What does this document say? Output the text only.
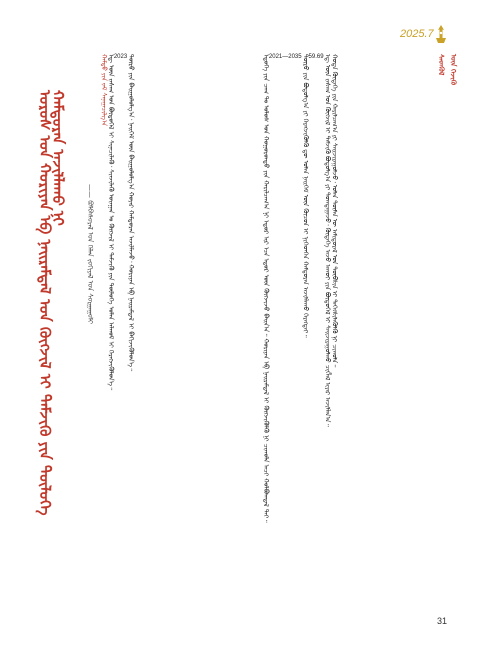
2025.7
ᠰᠡᠳᠬᠦᠯ ᠦᠨ ᠭᠡᠵᠢᠬᠦ
ᠡᠳᠦᠭᠡ ᠶᠢᠨ ᠴᠠᠭ ᠲᠤ ᠤᠯᠤᠰ ᠤᠨ ᠬᠣᠭᠣᠷᠤᠨᠳᠤ ᠶᠢᠨ ᠬᠠᠷᠢᠯᠴᠠᠭ᠎ᠠ ᠨᠢ ᠡᠳᠦᠷ ᠢᠷ ᠡᠴᠡ ᠡᠳᠦᠷ ᠦᠨ ᠬᠥᠭᠵᠢᠵᠦ ᠪᠠᠢᠨ᠎ᠠ᠃ ᠬᠣᠷᠢᠶᠠᠨ ᠡᠪ ᠨᠠᠢᠷᠠᠮᠳᠠᠯ ᠢ ᠬᠥᠭᠵᠢᠭᠦᠯᠬᠦ ᠨᠢ ᠴᠢᠬᠤᠯᠠ ᠠᠴᠢ ᠬᠣᠯᠪᠣᠭᠳᠠᠯ ᠲᠠᠢ᠃ 2021—2035 ᠲᠥᠷᠦ ᠶᠢᠨ ᠪᠣᠳᠣᠯᠭ᠎ᠠ ᠶᠢ ᠬᠡᠷᠡᠭᠵᠢᠭᠦᠯᠬᠦ ᠳᠦ ᠣᠯᠠᠨ ᠨᠡᠢᠭᠡᠮ ᠦᠨ ᠬᠦᠴᠦᠨ ᠢ ᠨᠢᠭᠡᠳᠭᠡᠨ ᠬᠠᠮᠲᠤᠷᠠᠨ ᠠᠵᠢᠯᠯᠠᠬᠤ ᠬᠡᠷᠡᠭᠲᠡᠢ᠃ 59.69 ᠡᠳ᠋ ᠦᠨ ᠵᠠᠰᠠᠭ ᠤᠨ ᠬᠥᠭᠵᠢᠯ ᠢ ᠳᠡᠮᠵᠢᠬᠦ ᠪᠣᠳᠣᠯᠭ᠎ᠠ ᠶᠢ ᠲᠣᠭᠲᠠᠭᠠᠵᠤ᠂ ᠬᠥᠳᠡᠭᠡ ᠠᠵᠤ ᠠᠬᠤᠢ ᠶᠢᠨ ᠪᠦᠲᠦᠭᠡᠯ ᠢ ᠰᠠᠢᠵᠢᠷᠠᠭᠤᠯᠬᠤ ᠴᠢᠭᠯᠡᠯ ᠢᠶᠡᠷ ᠠᠵᠢᠯᠯᠠᠨ᠎ᠠ᠃
ᠬᠣᠲᠠ ᠬᠥᠳᠡᠭᠡ ᠶᠢᠨ ᠬᠠᠷᠢᠯᠴᠠᠭ᠎ᠠ ᠶᠢ ᠰᠠᠢᠵᠢᠷᠠᠭᠤᠯᠵᠤ᠂ ᠣᠯᠠᠨ ᠲᠦᠮᠡᠨ ᠦ ᠠᠮᠢᠳᠤᠷᠠᠯ ᠤᠨ ᠲᠦᠪᠰᠢᠨ ᠢ ᠳᠡᠭᠡᠭᠰᠢᠯᠡᠭᠦᠯᠬᠦ ᠨᠢ ᠴᠢᠬᠤᠯᠠ᠃
ᠬᠠᠮᠲᠤ ᠶᠢᠨ ᠵᠠᠮ ᠰᠠᠨᠠᠭᠠᠴᠢᠯᠭ᠎ᠠ
ᠡᠳ᠋ ᠦᠨ ᠵᠠᠰᠠᠭ ᠤᠨ ᠪᠦᠲᠦᠭᠡᠯ ᠢ ᠰᠢᠨᠡᠴᠢᠯᠡᠬᠦ᠂ ᠰᠢᠨᠵᠢᠯᠡᠬᠦ ᠤᢈᠠᠭᠠᠨ ᠤ ᠬᠥᠭᠵᠢᠯ ᠢ ᠳᠡᠮᠵᠢᠬᠦ ᠶᠢᠨ ᠲᠥᠯᠥᠭᠡ ᠣᠯᠠᠨ ᠠᠯᠬᠤᠮ ᠢ ᠬᠡᠷᠡᠭᠵᠢᠭᠦᠯᠦᠨ᠎ᠡ᠃ 2023 ᠲᠥᠷᠦ ᠶᠢᠨ ᠪᠠᠢᠭᠤᠯᠤᠯᠭ᠎ᠠ᠂ ᠨᠡᠢᠭᠡᠮ ᠦᠨ ᠪᠠᠢᠭᠤᠯᠤᠯᠭ᠎ᠠ ᠬᠣᠶᠠᠷ ᠬᠠᠮᠲᠤᠷᠠᠨ ᠠᠵᠢᠯᠯᠠᠵᠤ᠂ ᠬᠣᠷᠢᠶᠠᠨ ᠡᠪ ᠨᠠᠢᠷᠠᠮᠳᠠᠯ ᠢ ᠪᠡᠬᠢᠵᠢᠭᠦᠯᠦᠨ᠎ᠡ᠃
—— ᠪᠣᠯᠪᠠᠰᠤᠷᠠᠯ ᠤᠨ ᠬᠡᠯᠡᠨ ᠵᠣᠬᠢᠶᠠᠯ ᠤᠨ ᠰᠤᠷᠭᠠᠭᠤᠯᠢ
ᠤᠷᠤᠰ ᠤᠨ ᠬᠣᠷᠢᠶᠠᠨ ᠡᠪ ᠨᠠᠢᠷᠠᠮᠳᠠᠯ ᠤᠨ ᠬᠥᠭᠵᠢᠯ ᠢ ᠳᠡᠮᠵᠢᠬᠦ ᠶᠢᠨ ᠲᠥᠯᠥᠭᠡ ᠬᠠᠮᠲᠤᠷᠠᠨ ᠠᠵᠢᠯᠯᠠᠬᠤ ᠨᠢ
31
